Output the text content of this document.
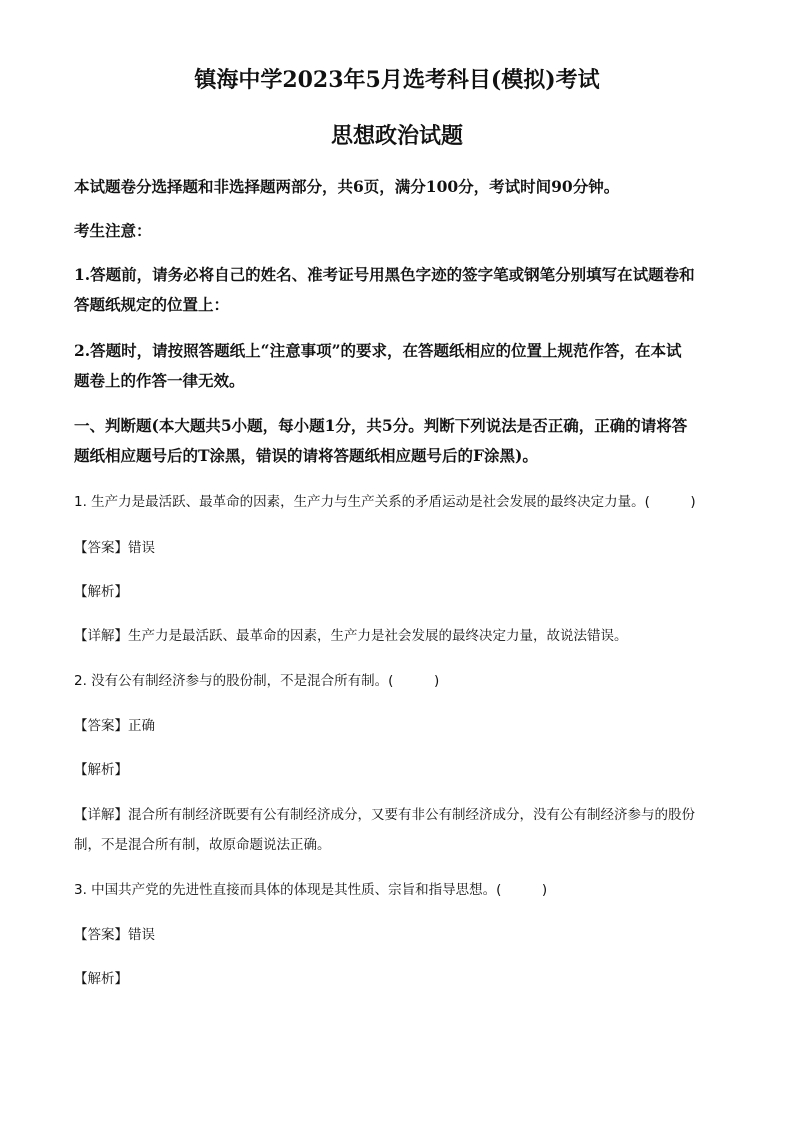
镇海中学2023年5月选考科目(模拟)考试
思想政治试题
本试题卷分选择题和非选择题两部分，共6页，满分100分，考试时间90分钟。
考生注意：
1.答题前，请务必将自己的姓名、准考证号用黑色字迹的签字笔或钢笔分别填写在试题卷和
答题纸规定的位置上：
2.答题时，请按照答题纸上“注意事项”的要求，在答题纸相应的位置上规范作答，在本试
题卷上的作答一律无效。
一、判断题(本大题共5小题，每小题1分，共5分。判断下列说法是否正确，正确的请将答
题纸相应题号后的T涂黑，错误的请将答题纸相应题号后的F涂黑)。
1. 生产力是最活跃、最革命的因素，生产力与生产关系的矛盾运动是社会发展的最终决定力量。(　　　)
【答案】错误
【解析】
【详解】生产力是最活跃、最革命的因素，生产力是社会发展的最终决定力量，故说法错误。
2. 没有公有制经济参与的股份制，不是混合所有制。(　　　)
【答案】正确
【解析】
【详解】混合所有制经济既要有公有制经济成分，又要有非公有制经济成分，没有公有制经济参与的股份
制，不是混合所有制，故原命题说法正确。
3. 中国共产党的先进性直接而具体的体现是其性质、宗旨和指导思想。(　　　)
【答案】错误
【解析】
